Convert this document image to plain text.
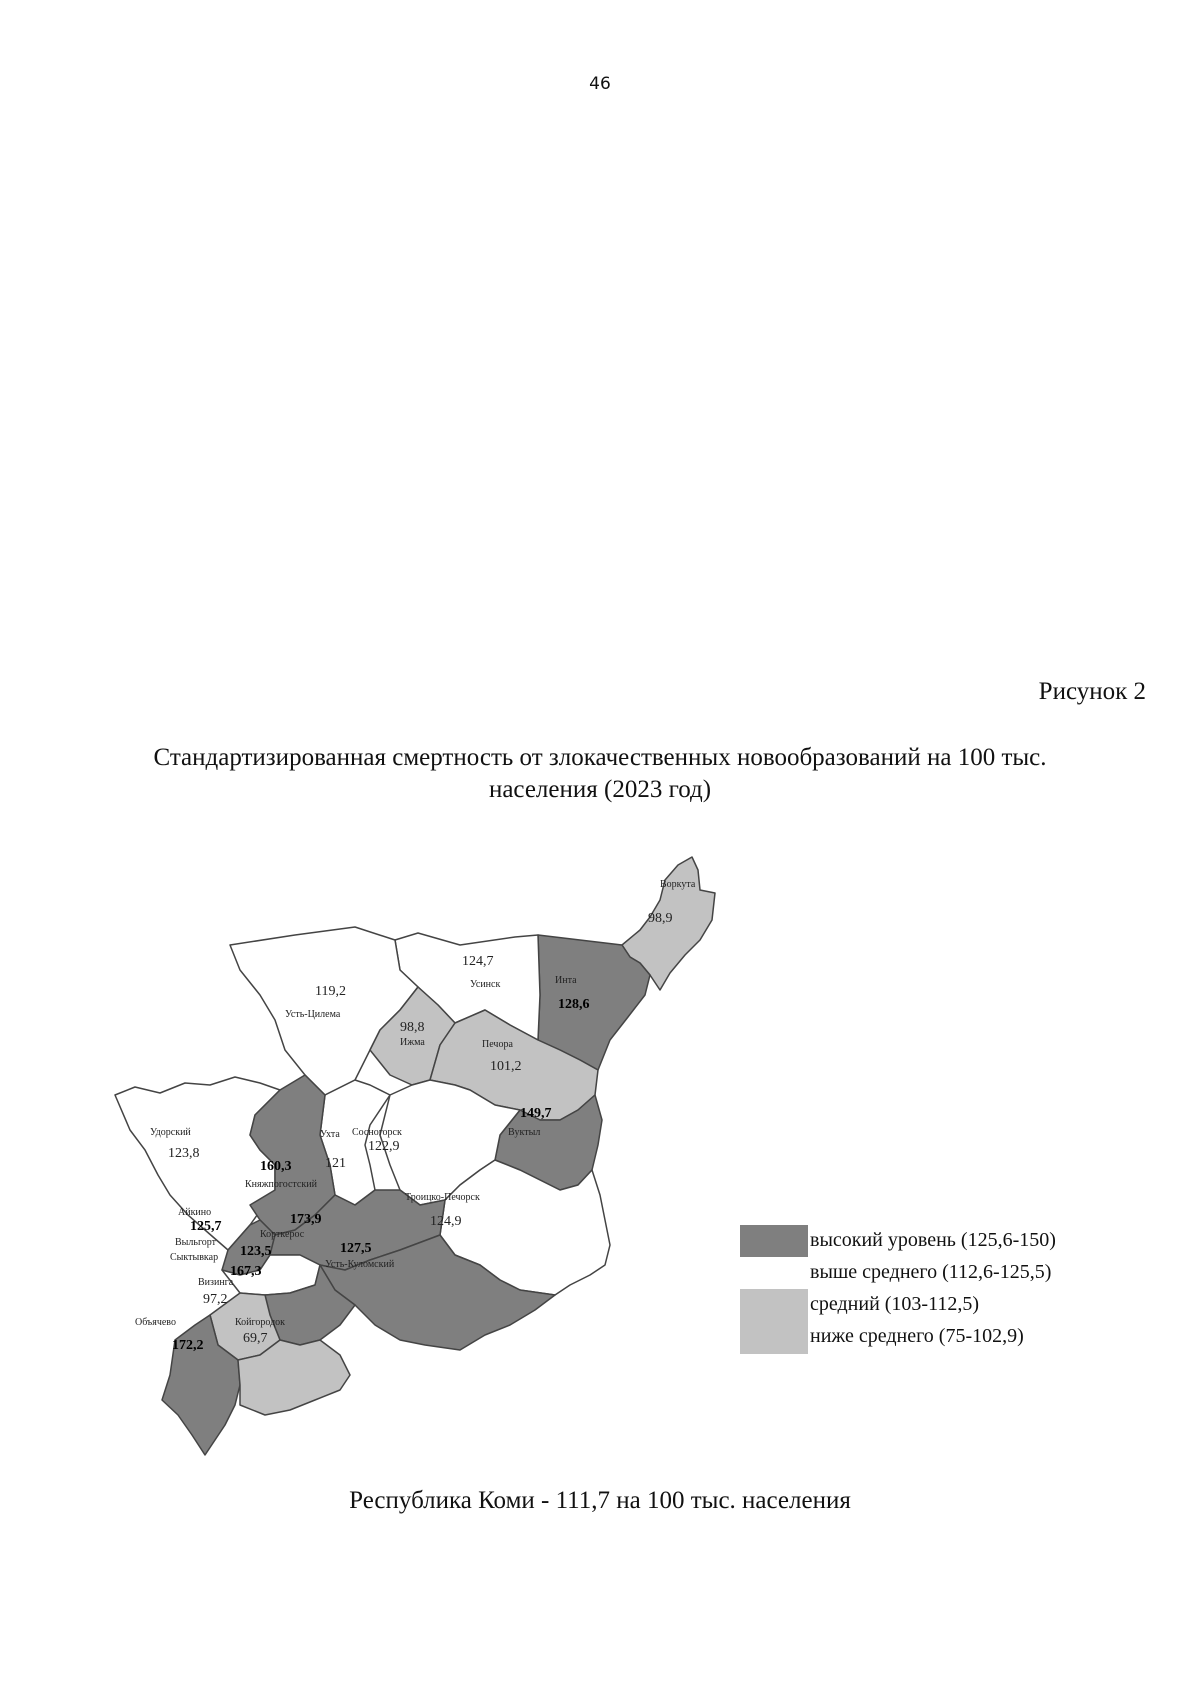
46
Рисунок 2
Стандартизированная смертность от злокачественных новообразований на 100 тыс.
населения (2023 год)
Воркута
98,9
Инта
128,6
124,7
Усинск
119,2
Усть-Цилема
98,8
Ижма	Печора
101,2
149,7
Вуктыл
Удорский
123,8
121
Ухта Сосногорск
122,9
160,3
Княжпогостский
Троицко-Печорск
124,9
Айкино
125,7	173,9
Корткерос
127,5
Усть-Куломский
Выльгорт
123,5
167,3
Сыктывкар
Визинга
97,2
Объячево
172,2
Койгородок
69,7
высокий уровень (125,6-150)
выше среднего (112,6-125,5)
средний (103-112,5)
ниже среднего (75-102,9)
Республика Коми - 111,7 на 100 тыс. населения
